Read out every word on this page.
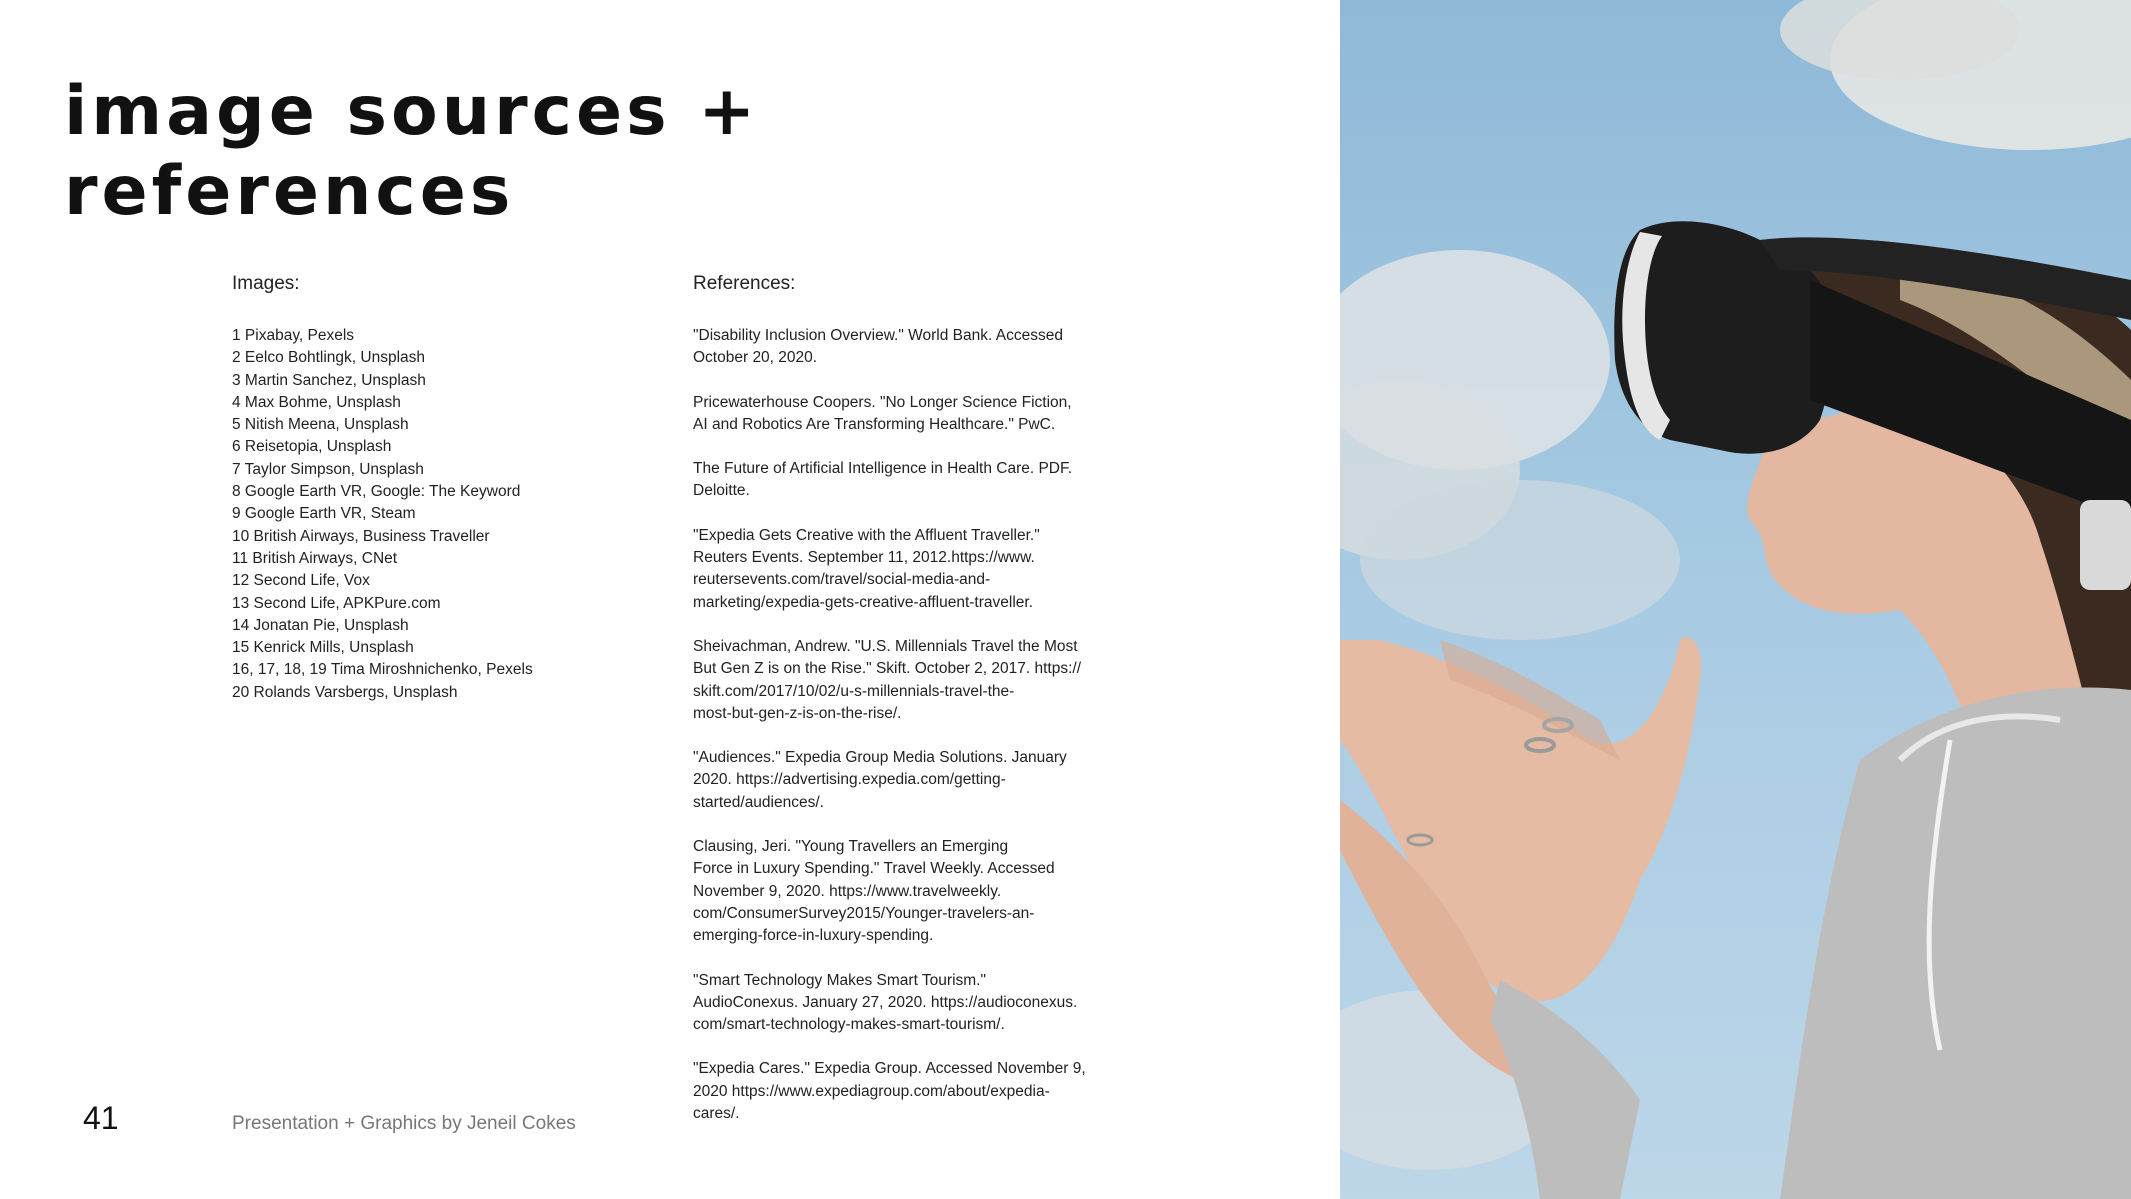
image sources +
references
Images:	References:
1 Pixabay, Pexels
2 Eelco Bohtlingk, Unsplash
3 Martin Sanchez, Unsplash
4 Max Bohme, Unsplash
5 Nitish Meena, Unsplash
6 Reisetopia, Unsplash
7 Taylor Simpson, Unsplash
8 Google Earth VR, Google: The Keyword
9 Google Earth VR, Steam
10 British Airways, Business Traveller
11 British Airways, CNet
12 Second Life, Vox
13 Second Life, APKPure.com
14 Jonatan Pie, Unsplash
15 Kenrick Mills, Unsplash
16, 17, 18, 19 Tima Miroshnichenko, Pexels
20 Rolands Varsbergs, Unsplash
"Disability Inclusion Overview." World Bank. Accessed
October 20, 2020.
Pricewaterhouse Coopers. "No Longer Science Fiction,
AI and Robotics Are Transforming Healthcare." PwC.
The Future of Artificial Intelligence in Health Care. PDF.
Deloitte.
"Expedia Gets Creative with the Affluent Traveller."
Reuters Events. September 11, 2012.https://www.
reutersevents.com/travel/social-media-and-
marketing/expedia-gets-creative-affluent-traveller.
Sheivachman, Andrew. "U.S. Millennials Travel the Most
But Gen Z is on the Rise." Skift. October 2, 2017. https://
skift.com/2017/10/02/u-s-millennials-travel-the-
most-but-gen-z-is-on-the-rise/.
"Audiences." Expedia Group Media Solutions. January
2020. https://advertising.expedia.com/getting-
started/audiences/.
Clausing, Jeri. "Young Travellers an Emerging
Force in Luxury Spending." Travel Weekly. Accessed
November 9, 2020. https://www.travelweekly.
com/ConsumerSurvey2015/Younger-travelers-an-
emerging-force-in-luxury-spending.
"Smart Technology Makes Smart Tourism."
AudioConexus. January 27, 2020. https://audioconexus.
com/smart-technology-makes-smart-tourism/.
"Expedia Cares." Expedia Group. Accessed November 9,
2020 https://www.expediagroup.com/about/expedia-
cares/.
41	Presentation + Graphics by Jeneil Cokes
